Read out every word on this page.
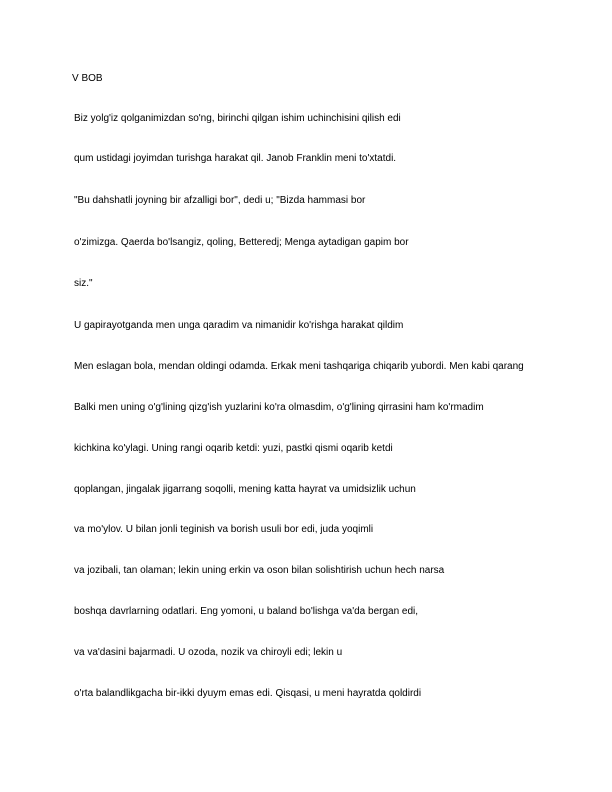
V BOB
Biz yolg'iz qolganimizdan so'ng, birinchi qilgan ishim uchinchisini qilish edi
qum ustidagi joyimdan turishga harakat qil. Janob Franklin meni to'xtatdi.
"Bu dahshatli joyning bir afzalligi bor", dedi u; "Bizda hammasi bor
o'zimizga. Qaerda bo'lsangiz, qoling, Betteredj; Menga aytadigan gapim bor
siz."
U gapirayotganda men unga qaradim va nimanidir ko'rishga harakat qildim
Men eslagan bola, mendan oldingi odamda. Erkak meni tashqariga chiqarib yubordi. Men kabi qarang
Balki men uning o'g'lining qizg'ish yuzlarini ko'ra olmasdim, o'g'lining qirrasini ham ko'rmadim
kichkina ko'ylagi. Uning rangi oqarib ketdi: yuzi, pastki qismi oqarib ketdi
qoplangan, jingalak jigarrang soqolli, mening katta hayrat va umidsizlik uchun
va mo'ylov. U bilan jonli teginish va borish usuli bor edi, juda yoqimli
va jozibali, tan olaman; lekin uning erkin va oson bilan solishtirish uchun hech narsa
boshqa davrlarning odatlari. Eng yomoni, u baland bo'lishga va'da bergan edi,
va va'dasini bajarmadi. U ozoda, nozik va chiroyli edi; lekin u
o'rta balandlikgacha bir-ikki dyuym emas edi. Qisqasi, u meni hayratda qoldirdi
